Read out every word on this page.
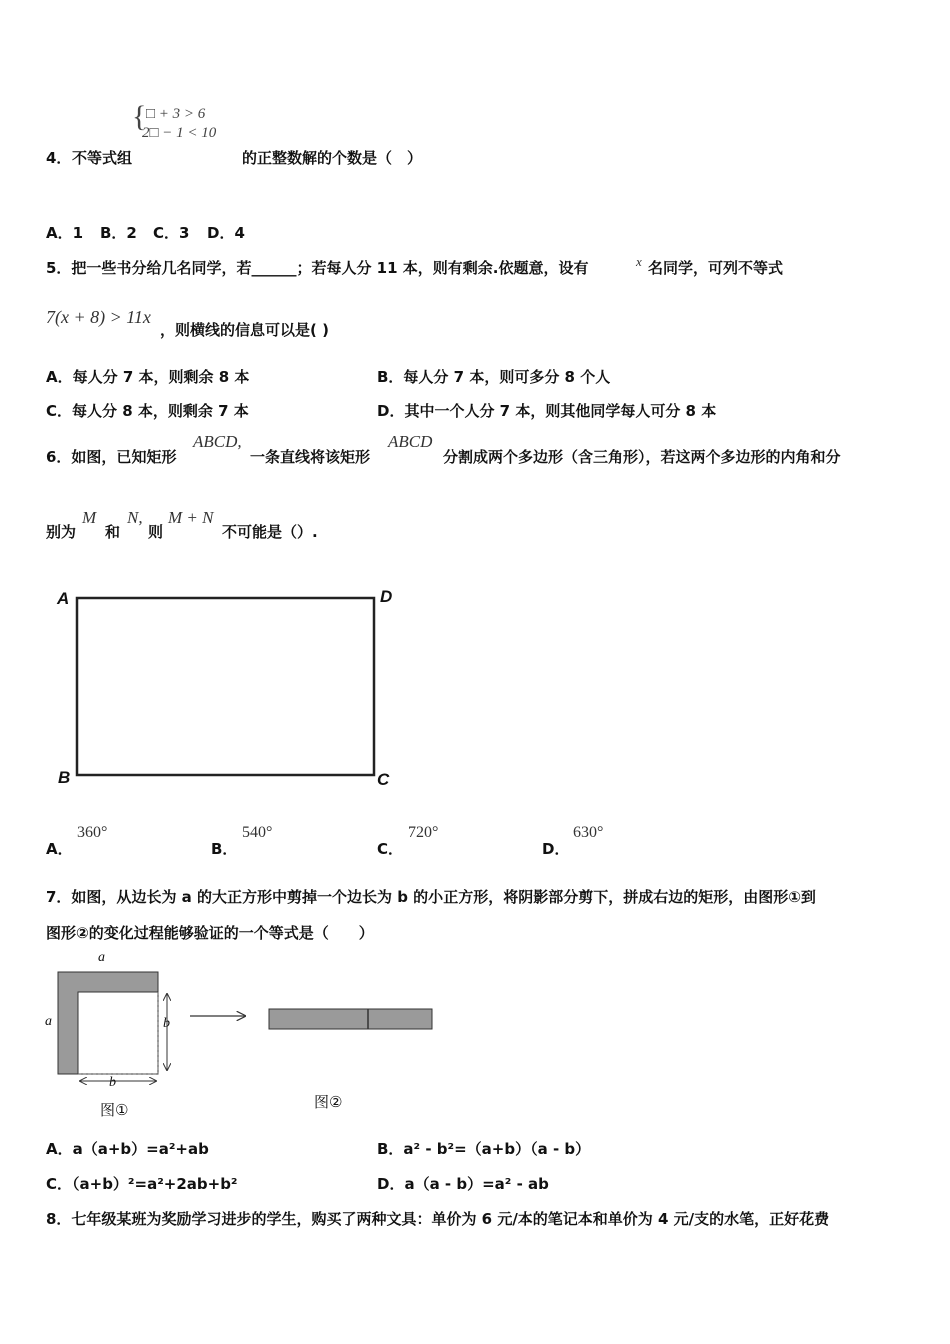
{ □ + 3 > 6
2□ − 1 < 10
4． 不等式组	的正整数解的个数是（　）
A．1 B．2 C．3 D．4
5．把一些书分给几名同学，若______；若每人分 11 本，则有剩余.依题意，设有	x 名同学，可列不等式
7(x + 8) > 11x
，则横线的信息可以是( )
A．每人分 7 本，则剩余 8 本	B．每人分 7 本，则可多分 8 个人
C．每人分 8 本，则剩余 7 本	D．其中一个人分 7 本，则其他同学每人可分 8 本
6．如图，已知矩形
ABCD,
一条直线将该矩形
ABCD
分割成两个多边形（含三角形），若这两个多边形的内角和分
别为
M
和
N,
则
M + N
不可能是（）.
A	D
B	C
A．
360°
B．
540°
C．
720°
D．
630°
7．如图，从边长为 a 的大正方形中剪掉一个边长为 b 的小正方形，将阴影部分剪下，拼成右边的矩形，由图形①到
图形②的变化过程能够验证的一个等式是（　　）
a
a	b
b
图①	图②
A．a（a+b）=a²+ab	B．a² - b²=（a+b）（a - b）
C．（a+b）²=a²+2ab+b²	D．a（a - b）=a² - ab
8．七年级某班为奖励学习进步的学生，购买了两种文具：单价为 6 元/本的笔记本和单价为 4 元/支的水笔，正好花费
